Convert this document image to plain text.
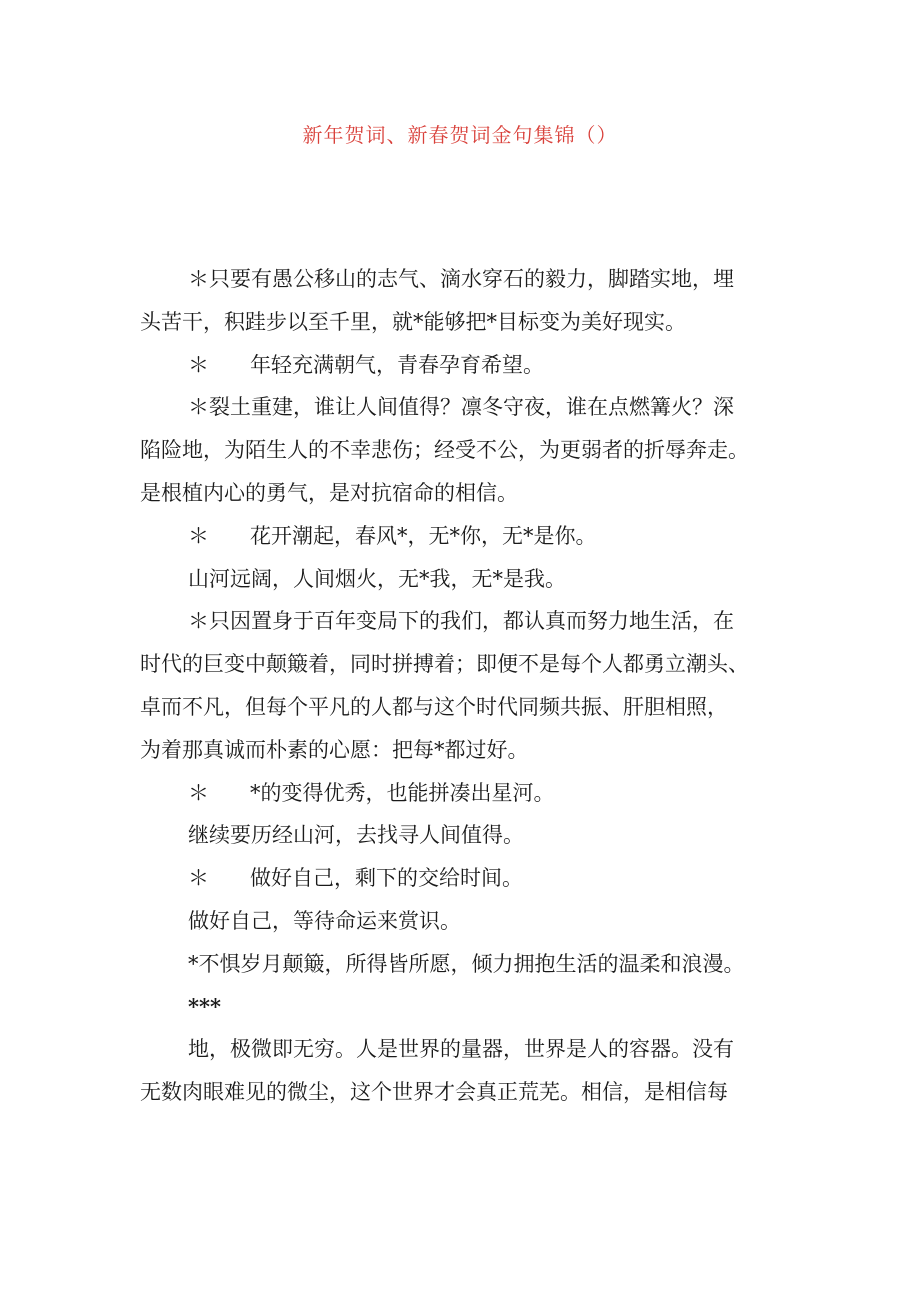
新年贺词、新春贺词金句集锦（）
＊只要有愚公移山的志气、滴水穿石的毅力，脚踏实地，埋
头苦干，积跬步以至千里，就*能够把*目标变为美好现实。
＊ 年轻充满朝气，青春孕育希望。
＊裂土重建，谁让人间值得？凛冬守夜，谁在点燃篝火？深
陷险地，为陌生人的不幸悲伤；经受不公，为更弱者的折辱奔走。
是根植内心的勇气，是对抗宿命的相信。
＊ 花开潮起，春风*，无*你，无*是你。
山河远阔，人间烟火，无*我，无*是我。
＊只因置身于百年变局下的我们，都认真而努力地生活，在
时代的巨变中颠簸着，同时拼搏着；即便不是每个人都勇立潮头、
卓而不凡，但每个平凡的人都与这个时代同频共振、肝胆相照，
为着那真诚而朴素的心愿：把每*都过好。
＊ *的变得优秀，也能拼凑出星河。
继续要历经山河，去找寻人间值得。
＊ 做好自己，剩下的交给时间。
做好自己，等待命运来赏识。
*不惧岁月颠簸，所得皆所愿，倾力拥抱生活的温柔和浪漫。
***
地，极微即无穷。人是世界的量器，世界是人的容器。没有
无数肉眼难见的微尘，这个世界才会真正荒芜。相信，是相信每
